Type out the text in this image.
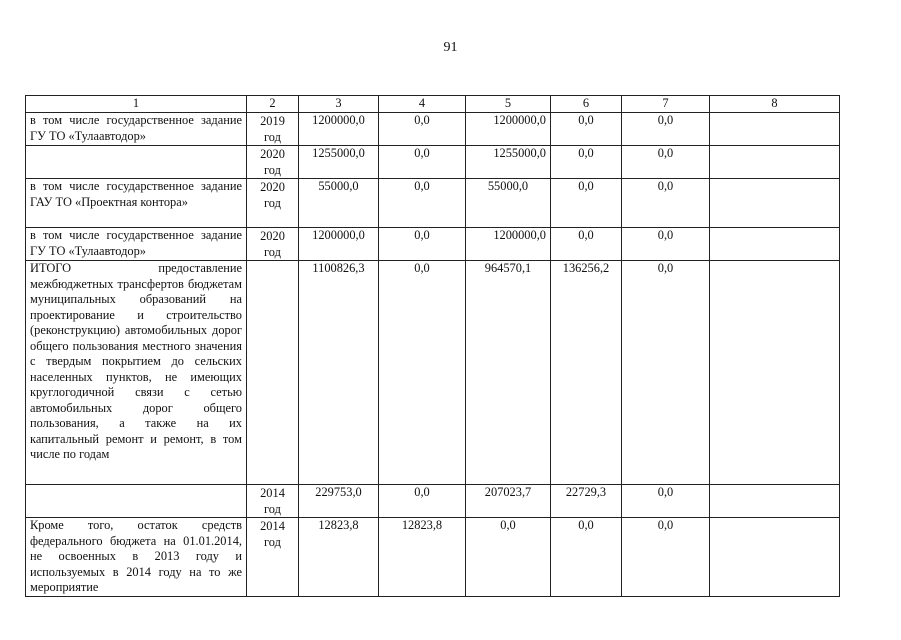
91
1	2	3	4	5	6	7	8
в том числе государственное задание ГУ ТО «Тулаавтодор»	2019 год	1200000,0	0,0	1200000,0	0,0	0,0	
	2020 год	1255000,0	0,0	1255000,0	0,0	0,0	
в том числе государственное задание ГАУ ТО «Проектная контора»	2020 год	55000,0	0,0	55000,0	0,0	0,0	
в том числе государственное задание ГУ ТО «Тулаавтодор»	2020 год	1200000,0	0,0	1200000,0	0,0	0,0	
ИТОГО предоставление межбюджетных трансфертов бюджетам муниципальных образований на проектирование и строительство (реконструкцию) автомобильных дорог общего пользования местного значения с твердым покрытием до сельских населенных пунктов, не имеющих круглогодичной связи с сетью автомобильных дорог общего пользования, а также на их капитальный ремонт и ремонт, в том числе по годам		1100826,3	0,0	964570,1	136256,2	0,0	
	2014 год	229753,0	0,0	207023,7	22729,3	0,0	
Кроме того, остаток средств федерального бюджета на 01.01.2014, не освоенных в 2013 году и используемых в 2014 году на то же мероприятие	2014 год	12823,8	12823,8	0,0	0,0	0,0	
